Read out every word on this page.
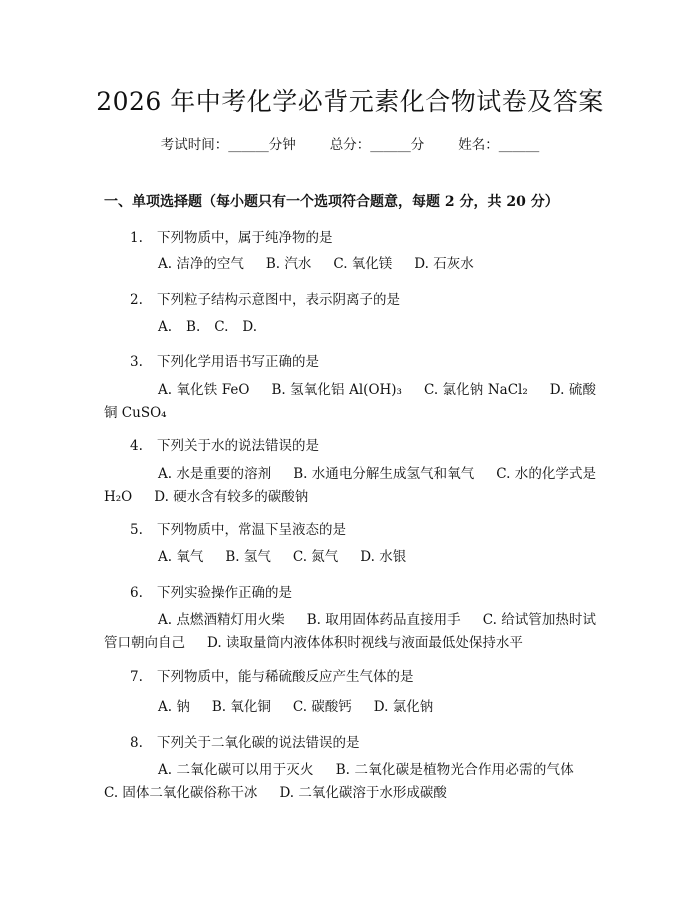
2026 年中考化学必背元素化合物试卷及答案
考试时间：______分钟	总分：______分	姓名：______
一、单项选择题（每小题只有一个选项符合题意，每题 2 分，共 20 分）
1. 下列物质中，属于纯净物的是
A. 洁净的空气 B. 汽水 C. 氧化镁 D. 石灰水
2. 下列粒子结构示意图中，表示阴离子的是
A. B. C. D.
3. 下列化学用语书写正确的是
A. 氧化铁 FeO B. 氢氧化铝 Al(OH)₃ C. 氯化钠 NaCl₂ D. 硫酸铜 CuSO₄
4. 下列关于水的说法错误的是
A. 水是重要的溶剂 B. 水通电分解生成氢气和氧气 C. 水的化学式是 H₂O D. 硬水含有较多的碳酸钠
5. 下列物质中，常温下呈液态的是
A. 氧气 B. 氢气 C. 氮气 D. 水银
6. 下列实验操作正确的是
A. 点燃酒精灯用火柴 B. 取用固体药品直接用手 C. 给试管加热时试管口朝向自己 D. 读取量筒内液体体积时视线与液面最低处保持水平
7. 下列物质中，能与稀硫酸反应产生气体的是
A. 钠 B. 氧化铜 C. 碳酸钙 D. 氯化钠
8. 下列关于二氧化碳的说法错误的是
A. 二氧化碳可以用于灭火 B. 二氧化碳是植物光合作用必需的气体C. 固体二氧化碳俗称干冰 D. 二氧化碳溶于水形成碳酸
